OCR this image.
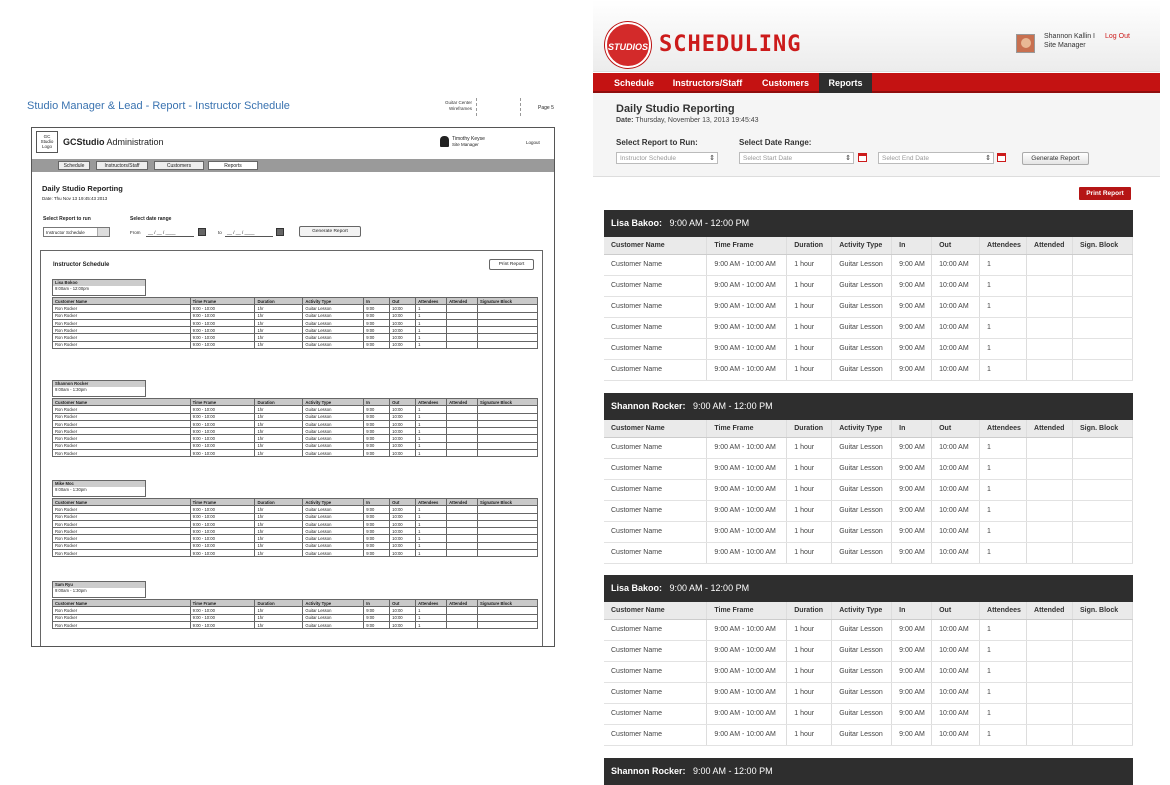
Studio Manager & Lead - Report - Instructor Schedule	Guitar Center
Wireframes	Page 5
GC Studio Logo	GCStudio Administration	Timothy Keyse
Site Manager	Logout
Schedule	Instructors/Staff	Customers	Reports
Daily Studio Reporting
Date: Thu Nov 13 19:45:43 2013
Select Report to run
Instructor Schedule
Select date range
From	__ / __ / ____	to	__ / __ / ____	Generate Report
Instructor Schedule	Print Report
Lisa Bokoo
9:00am - 12:00pm
Customer Name	Time Frame	Duration	Activity Type	In	Out	Attendees	Attended	Signature Block
Ron Rocker	9:00 - 10:00	1hr	Guitar Lesson	9:00	10:00	1		
Ron Rocker	9:00 - 10:00	1hr	Guitar Lesson	9:00	10:00	1		
Ron Rocker	9:00 - 10:00	1hr	Guitar Lesson	9:00	10:00	1		
Ron Rocker	9:00 - 10:00	1hr	Guitar Lesson	9:00	10:00	1		
Ron Rocker	9:00 - 10:00	1hr	Guitar Lesson	9:00	10:00	1		
Ron Rocker	9:00 - 10:00	1hr	Guitar Lesson	9:00	10:00	1		
Shannon Rocker
9:00am - 1:30pm
Customer Name	Time Frame	Duration	Activity Type	In	Out	Attendees	Attended	Signature Block
Ron Rocker	9:00 - 10:00	1hr	Guitar Lesson	9:00	10:00	1		
Ron Rocker	9:00 - 10:00	1hr	Guitar Lesson	9:00	10:00	1		
Ron Rocker	9:00 - 10:00	1hr	Guitar Lesson	9:00	10:00	1		
Ron Rocker	9:00 - 10:00	1hr	Guitar Lesson	9:00	10:00	1		
Ron Rocker	9:00 - 10:00	1hr	Guitar Lesson	9:00	10:00	1		
Ron Rocker	9:00 - 10:00	1hr	Guitar Lesson	9:00	10:00	1		
Ron Rocker	9:00 - 10:00	1hr	Guitar Lesson	9:00	10:00	1		
Mike Moc
9:00am - 1:30pm
Customer Name	Time Frame	Duration	Activity Type	In	Out	Attendees	Attended	Signature Block
Ron Rocker	9:00 - 10:00	1hr	Guitar Lesson	9:00	10:00	1		
Ron Rocker	9:00 - 10:00	1hr	Guitar Lesson	9:00	10:00	1		
Ron Rocker	9:00 - 10:00	1hr	Guitar Lesson	9:00	10:00	1		
Ron Rocker	9:00 - 10:00	1hr	Guitar Lesson	9:00	10:00	1		
Ron Rocker	9:00 - 10:00	1hr	Guitar Lesson	9:00	10:00	1		
Ron Rocker	9:00 - 10:00	1hr	Guitar Lesson	9:00	10:00	1		
Ron Rocker	9:00 - 10:00	1hr	Guitar Lesson	9:00	10:00	1		
Sam Ryu
9:00am - 1:30pm
Customer Name	Time Frame	Duration	Activity Type	In	Out	Attendees	Attended	Signature Block
Ron Rocker	9:00 - 10:00	1hr	Guitar Lesson	9:00	10:00	1		
Ron Rocker	9:00 - 10:00	1hr	Guitar Lesson	9:00	10:00	1		
Ron Rocker	9:00 - 10:00	1hr	Guitar Lesson	9:00	10:00	1		
STUDIOS SCHEDULING	Shannon Kallin I Log Out
Site Manager
Schedule	Instructors/Staff	Customers	Reports
Daily Studio Reporting
Date: Thursday, November 13, 2013 19:45:43
Select Report to Run:
Instructor Schedule ⇕
Select Date Range:
Select Start Date ⇕	Select End Date ⇕	Generate Report
Print Report
Lisa Bakoo: 9:00 AM - 12:00 PM
Customer Name	Time Frame	Duration	Activity Type	In	Out	Attendees	Attended	Sign. Block
Customer Name	9:00 AM - 10:00 AM	1 hour	Guitar Lesson	9:00 AM	10:00 AM	1		
Customer Name	9:00 AM - 10:00 AM	1 hour	Guitar Lesson	9:00 AM	10:00 AM	1		
Customer Name	9:00 AM - 10:00 AM	1 hour	Guitar Lesson	9:00 AM	10:00 AM	1		
Customer Name	9:00 AM - 10:00 AM	1 hour	Guitar Lesson	9:00 AM	10:00 AM	1		
Customer Name	9:00 AM - 10:00 AM	1 hour	Guitar Lesson	9:00 AM	10:00 AM	1		
Customer Name	9:00 AM - 10:00 AM	1 hour	Guitar Lesson	9:00 AM	10:00 AM	1		
Shannon Rocker: 9:00 AM - 12:00 PM
Customer Name	Time Frame	Duration	Activity Type	In	Out	Attendees	Attended	Sign. Block
Customer Name	9:00 AM - 10:00 AM	1 hour	Guitar Lesson	9:00 AM	10:00 AM	1		
Customer Name	9:00 AM - 10:00 AM	1 hour	Guitar Lesson	9:00 AM	10:00 AM	1		
Customer Name	9:00 AM - 10:00 AM	1 hour	Guitar Lesson	9:00 AM	10:00 AM	1		
Customer Name	9:00 AM - 10:00 AM	1 hour	Guitar Lesson	9:00 AM	10:00 AM	1		
Customer Name	9:00 AM - 10:00 AM	1 hour	Guitar Lesson	9:00 AM	10:00 AM	1		
Customer Name	9:00 AM - 10:00 AM	1 hour	Guitar Lesson	9:00 AM	10:00 AM	1		
Lisa Bakoo: 9:00 AM - 12:00 PM
Customer Name	Time Frame	Duration	Activity Type	In	Out	Attendees	Attended	Sign. Block
Customer Name	9:00 AM - 10:00 AM	1 hour	Guitar Lesson	9:00 AM	10:00 AM	1		
Customer Name	9:00 AM - 10:00 AM	1 hour	Guitar Lesson	9:00 AM	10:00 AM	1		
Customer Name	9:00 AM - 10:00 AM	1 hour	Guitar Lesson	9:00 AM	10:00 AM	1		
Customer Name	9:00 AM - 10:00 AM	1 hour	Guitar Lesson	9:00 AM	10:00 AM	1		
Customer Name	9:00 AM - 10:00 AM	1 hour	Guitar Lesson	9:00 AM	10:00 AM	1		
Customer Name	9:00 AM - 10:00 AM	1 hour	Guitar Lesson	9:00 AM	10:00 AM	1		
Shannon Rocker: 9:00 AM - 12:00 PM
